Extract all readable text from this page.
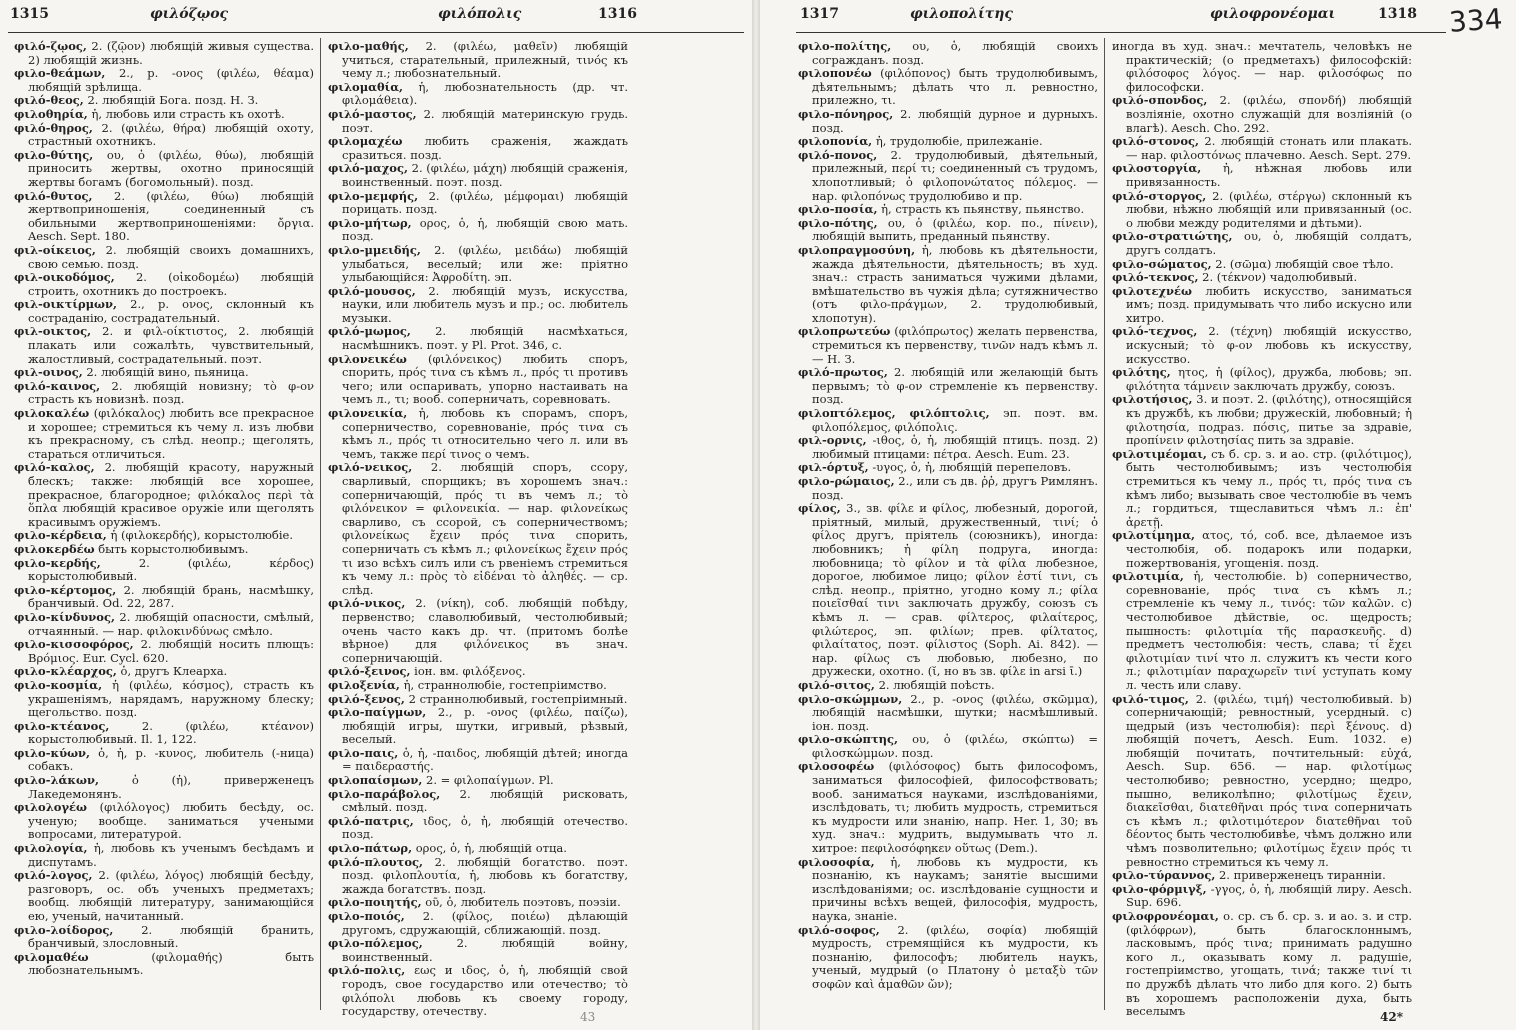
1315	φιλόζῳος	φιλόπολις	1316
φιλό-ζῳος, 2. (ζῷον) любящій живыя существа. 2) любящій жизнь.
φιλο-θεάμων, 2., р. -ονος (φιλέω, θέαμα) любящій зрѣлища.
φιλό-θεος, 2. любящій Бога. позд. Н. З.
φιλοθηρία, ἡ, любовь или страсть къ охотѣ.
φιλό-θηρος, 2. (φιλέω, θήρα) любящій охоту, страстный охотникъ.
φιλο-θύτης, ου, ὁ (φιλέω, θύω), любящій приносить жертвы, охотно приносящій жертвы богамъ (богомольный). позд.
φιλό-θυτος, 2. (φιλέω, θύω) любящій жертвоприношенія, соединенный съ обильными жертвоприношеніями: ὄργια. Aesch. Sept. 180.
φιλ-οίκειος, 2. любящій своихъ домашнихъ, свою семью. позд.
φιλ-οικοδόμος, 2. (οἰκοδομέω) любящій строить, охотникъ до построекъ.
φιλ-οικτίρμων, 2., р. ονος, склонный къ состраданію, сострадательный.
φιλ-οικτος, 2. и φιλ-οίκτιστος, 2. любящій плакать или сожалѣть, чувствительный, жалостливый, сострадательный. поэт.
φιλ-οινος, 2. любящій вино, пьяница.
φιλό-καινος, 2. любящій новизну; τὸ φ-ον страсть къ новизнѣ. позд.
φιλοκαλέω (φιλόκαλος) любить все прекрасное и хорошее; стремиться къ чему л. изъ любви къ прекрасному, съ слѣд. неопр.; щеголять, стараться отличиться.
φιλό-καλος, 2. любящій красоту, наружный блескъ; также: любящій все хорошее, прекрасное, благородное; φιλόκαλος περὶ τὰ ὅπλα любящій красивое оружіе или щеголять красивымъ оружіемъ.
φιλο-κέρδεια, ἡ (φιλοκερδής), корыстолюбіе.
φιλοκερδέω быть корыстолюбивымъ.
φιλο-κερδής,	2. (φιλέω, κέρδος) корыстолюбивый.
φιλο-κέρτομος, 2. любящій брань, насмѣшку, бранчивый. Od. 22, 287.
φιλο-κίνδυνος, 2. любящій опасности, смѣлый, отчаянный. — нар. φιλοκινδύνως смѣло.
φιλο-κισσοφόρος, 2. любящій носить плющъ: Βρόμιος. Eur. Cycl. 620.
φιλο-κλέαρχος, ὁ, другъ Клеарха.
φιλο-κοσμία, ἡ (φιλέω, κόσμος), страсть къ украшеніямъ, нарядамъ, наружному блеску; щегольство. позд.
φιλο-κτέανος,	2. (φιλέω, κτέανον) корыстолюбивый. Il. 1, 122.
φιλο-κύων, ὁ, ἡ, р. -κυνος, любитель (-ница) собакъ.
φιλο-λάκων,	ὁ (ἡ), приверженецъ Лакедемонянъ.
φιλολογέω (φιλόλογος) любить бесѣду, ос. ученую; вообще. заниматься учеными вопросами, литературой.
φιλολογία, ἡ, любовь къ ученымъ бесѣдамъ и диспутамъ.
φιλό-λογος, 2. (φιλέω, λόγος) любящій бесѣду, разговоръ, ос. объ ученыхъ предметахъ; вообщ. любящій литературу, занимающійся ею, ученый, начитанный.
φιλο-λοίδορος, 2. любящій бранить, бранчивый, злословный.
φιλομαθέω	(φιλομαθής) быть любознательнымъ.
φιλο-μαθής, 2. (φιλέω, μαθεῖν) любящій учиться, старательный, прилежный, τινός къ чему л.; любознательный.
φιλομαθία, ἡ, любознательность (др. чт. φιλομάθεια).
φιλό-μαστος, 2. любящій материнскую грудь. поэт.
φιλομαχέω любить сраженія, жаждать сразиться. позд.
φιλό-μαχος, 2. (φιλέω, μάχη) любящій сраженія, воинственный. поэт. позд.
φιλο-μεμφής, 2. (φιλέω, μέμφομαι) любящій порицать. позд.
φιλο-μήτωρ, ορος, ὁ, ἡ, любящій свою мать. позд.
φιλο-μμειδής, 2. (φιλέω, μειδάω) любящій улыбаться, веселый; или же: пріятно улыбающійся: Ἀφροδίτη. эп.
φιλό-μουσος, 2. любящій музъ, искусства, науки, или любитель музъ и пр.; ос. любитель музыки.
φιλό-μωμος, 2. любящій насмѣхаться, насмѣшникъ. поэт. у Pl. Prot. 346, с.
φιλονεικέω (φιλόνεικος) любить споръ, спорить, πρός τινα съ кѣмъ л., πρός τι противъ чего; или оспаривать, упорно настаивать на чемъ л., τι; вооб. соперничать, соревновать.
φιλονεικία, ἡ, любовь къ спорамъ, споръ, соперничество, соревнованіе, πρός τινα съ кѣмъ л., πρός τι относительно чего л. или въ чемъ, также περί τινος о чемъ.
φιλό-νεικος, 2. любящій споръ, ссору, сварливый, спорщикъ; въ хорошемъ знач.: соперничающій, πρός τι въ чемъ л.; τὸ φιλόνεικον = φιλονεικία. — нар. φιλονείκως сварливо, съ ссорой, съ соперничествомъ; φιλονείκως ἔχειν πρός τινα спорить, соперничать съ кѣмъ л.; φιλονείκως ἔχειν πρός τι изо всѣхъ силъ или съ рвеніемъ стремиться къ чему л.: πρὸς τὸ εἰδέναι τὸ ἀληθές. — ср. слѣд.
φιλό-νικος, 2. (νίκη), соб. любящій побѣду, первенство; славолюбивый, честолюбивый; очень часто какъ др. чт. (притомъ болѣе вѣрное) для φιλόνεικος въ знач. соперничающій.
φιλό-ξεινος, іон. вм. φιλόξενος.
φιλοξενία, ἡ, страннолюбіе, гостепріимство.
φιλό-ξενος, 2 страннолюбивый, гостепріимный.
φιλο-παίγμων, 2., р. -ονος (φιλέω, παίζω), любящій игры, шутки, игривый, рѣзвый, веселый.
φιλο-παις, ὁ, ἡ, -παιδος, любящій дѣтей; иногда = παιδεραστής.
φιλοπαίσμων, 2. = φιλοπαίγμων. Pl.
φιλο-παράβολος, 2. любящій рисковать, смѣлый. позд.
φιλό-πατρις, ιδος, ὁ, ἡ, любящій отечество. позд.
φιλο-πάτωρ, ορος, ὁ, ἡ, любящій отца.
φιλό-πλουτος, 2. любящій богатство. поэт. позд. φιλοπλουτία, ἡ, любовь къ богатству, жажда богатствъ. позд.
φιλο-ποιητής, οῦ, ὁ, любитель поэтовъ, поэзіи.
φιλο-ποιός, 2. (φίλος, ποιέω) дѣлающій другомъ, сдружающій, сближающій. позд.
φιλο-πόλεμος,	2. любящій войну, воинственный.
φιλό-πολις, εως и ιδος, ὁ, ἡ, любящій свой городъ, свое государство или отечество; τὸ φιλόπολι любовь къ своему городу, государству, отечеству.	43
1317	φιλοπολίτης	φιλοφρονέομαι	1318 334
φιλο-πολίτης, ου, ὁ, любящій своихъ согражданъ. позд.
φιλοπονέω (φιλόπονος) быть трудолюбивымъ, дѣятельнымъ; дѣлать что л. ревностно, прилежно, τι.
φιλο-πόνηρος, 2. любящій дурное и дурныхъ. позд.
φιλοπονία, ἡ, трудолюбіе, прилежаніе.
φιλό-πονος, 2. трудолюбивый, дѣятельный, прилежный, περί τι; соединенный съ трудомъ, хлопотливый; ὁ φιλοπονώτατος πόλεμος. — нар. φιλοπόνως трудолюбиво и пр.
φιλο-ποσία, ἡ, страсть къ пьянству, пьянство.
φιλο-πότης, ου, ὁ (φιλέω, кор. по., πίνειν), любящій выпить, преданный пьянству.
φιλοπραγμοσύνη, ἡ, любовь къ дѣятельности, жажда дѣятельности, дѣятельность; въ худ. знач.: страсть заниматься чужими дѣлами, вмѣшательство въ чужія дѣла; сутяжничество (отъ φιλο-πράγμων, 2. трудолюбивый, хлопотун).
φιλοπρωτεύω (φιλόπρωτος) желать первенства, стремиться къ первенству, τινῶν надъ кѣмъ л. — Н. З.
φιλό-πρωτος, 2. любящій или желающій быть первымъ; τὸ φ-ον стремленіе къ первенству. позд.
φιλοπτόλεμος, φιλόπτολις, эп. поэт. вм. φιλοπόλεμος, φιλόπολις.
φιλ-ορνις, -ιθος, ὁ, ἡ, любящій птицъ. позд. 2) любимый птицами: πέτρα. Aesch. Eum. 23.
φιλ-όρτυξ, -υγος, ὁ, ἡ, любящій перепеловъ.
φιλο-ρώμαιος, 2., или съ дв. ῥῥ, другъ Римлянъ. позд.
φίλος, 3., зв. φίλε и φίλος, любезный, дорогой, пріятный, милый, дружественный, τινί; ὁ φίλος другъ, пріятель (союзникъ), иногда: любовникъ; ἡ φίλη подруга, иногда: любовница; τὸ φίλον и τὰ φίλα любезное, дорогое, любимое лицо; φίλον ἐστί τινι, съ слѣд. неопр., пріятно, угодно кому л.; φίλα ποιεῖσθαί τινι заключать дружбу, союзъ съ кѣмъ л. — срав. φίλτερος, φιλαίτερος, φιλώτερος, эп. φιλίων; прев. φίλτατος, φιλαίτατος, поэт. φίλιστος (Soph. Ai. 842). — нар. φίλως съ любовью, любезно, по дружески, охотно. (ῐ, но въ зв. φίλε in arsi ῑ.)
φιλό-σιτος, 2. любящій поѣсть.
φιλο-σκώμμων, 2., р. -ονος (φιλέω, σκῶμμα), любящій насмѣшки, шутки; насмѣшливый. іон. позд.
φιλο-σκώπτης, ου, ὁ (φιλέω, σκώπτω) = φιλοσκώμμων. позд.
φιλοσοφέω (φιλόσοφος) быть философомъ, заниматься философіей, философствовать; вооб. заниматься науками, изслѣдованіями, изслѣдовать, τι; любить мудрость, стремиться къ мудрости или знанію, напр. Her. 1, 30; въ худ. знач.: мудрить, выдумывать что л. хитрое: πεφιλοσόφηκεν οὕτως (Dem.).
φιλοσοφία, ἡ, любовь къ мудрости, къ познанію, къ наукамъ; занятіе высшими изслѣдованіями; ос. изслѣдованіе сущности и причины всѣхъ вещей, философія, мудрость, наука, знаніе.
φιλό-σοφος, 2. (φιλέω, σοφία) любящій мудрость, стремящійся къ мудрости, къ познанію, философъ; любитель наукъ, ученый, мудрый (ο Платону ὁ μεταξὺ τῶν σοφῶν καὶ ἀμαθῶν ὤν);
иногда въ худ. знач.: мечтатель, человѣкъ не практическій; (о предметахъ) философскій: φιλόσοφος λόγος. — нар. φιλοσόφως по философски.
φιλό-σπονδος, 2. (φιλέω, σπονδή) любящій возліяніе, охотно служащій для возліяній (о влагѣ). Aesch. Cho. 292.
φιλό-στονος, 2. любящій стонать или плакать. — нар. φιλοστόνως плачевно. Aesch. Sept. 279.
φιλοστοργία, ἡ, нѣжная любовь или привязанность.
φιλό-στοργος, 2. (φιλέω, στέργω) склонный къ любви, нѣжно любящій или привязанный (ос. о любви между родителями и дѣтьми).
φιλο-στρατιώτης, ου, ὁ, любящій солдатъ, другъ солдатъ.
φιλο-σώματος, 2. (σῶμα) любящій свое тѣло.
φιλό-τεκνος, 2. (τέκνον) чадолюбивый.
φιλοτεχνέω любить искусство, заниматься имъ; позд. придумывать что либо искусно или хитро.
φιλό-τεχνος, 2. (τέχνη) любящій искусство, искусный; τὸ φ-ον любовь къ искусству, искусство.
φιλότης, ητος, ἡ (φίλος), дружба, любовь; эп. φιλότητα τάμνειν заключать дружбу, союзъ.
φιλοτήσιος, 3. и поэт. 2. (φιλότης), относящійся къ дружбѣ, къ любви; дружескій, любовный; ἡ φιλοτησία, подраз. πόσις, питье за здравіе, προπίνειν φιλοτησίας пить за здравіе.
φιλοτιμέομαι, съ б. ср. з. и ао. стр. (φιλότιμος), быть честолюбивымъ; изъ честолюбія стремиться къ чему л., πρός τι, πρός τινα съ кѣмъ либо; вызывать свое честолюбіе въ чемъ л.; гордиться, тщеславиться чѣмъ л.: ἐπ' ἀρετῇ.
φιλοτίμημα, ατος, τό, соб. все, дѣлаемое изъ честолюбія, об. подарокъ или подарки, пожертвованія, угощенія. позд.
φιλοτιμία, ἡ, честолюбіе. b) соперничество, соревнованіе, πρός τινα съ кѣмъ л.; стремленіе къ чему л., τινός: τῶν καλῶν. c) честолюбивое дѣйствіе, ос. щедрость; пышность: φιλοτιμία τῆς παρασκευῆς. d) предметъ честолюбія: честь, слава; τί ἔχει φιλοτιμίαν τινί что л. служитъ къ чести кого л.; φιλοτιμίαν παραχωρεῖν τινί уступать кому л. честь или славу.
φιλό-τιμος, 2. (φιλέω, τιμή) честолюбивый. b) соперничающій; ревностный, усердный. c) щедрый (изъ честолюбія): περὶ ξένους. d) любящій почетъ, Aesch. Eum. 1032. e) любящій почитать, почтительный: εὐχά, Aesch. Sup. 656. — нар. φιλοτίμως честолюбиво; ревностно, усердно; щедро, пышно, великолѣпно; φιλοτίμως ἔχειν, διακεῖσθαι, διατεθῆναι πρός τινα соперничать съ кѣмъ л.; φιλοτιμότερον διατεθῆναι τοῦ δέοντος быть честолюбивѣе, чѣмъ должно или чѣмъ позволительно; φιλοτίμως ἔχειν πρός τι ревностно стремиться къ чему л.
φιλο-τύραννος, 2. приверженецъ тиранніи.
φιλο-φόρμιγξ, -γγος, ὁ, ἡ, любящій лиру. Aesch. Sup. 696.
φιλοφρονέομαι, ο. ср. съ б. ср. з. и ао. з. и стр. (φιλόφρων), быть благосклоннымъ, ласковымъ, πρός τινα; принимать радушно кого л., оказывать кому л. радушіе, гостепріимство, угощать, τινά; также τινί τι по дружбѣ дѣлать что либо для кого. 2) быть въ хорошемъ расположеніи духа, быть веселымъ	42*
